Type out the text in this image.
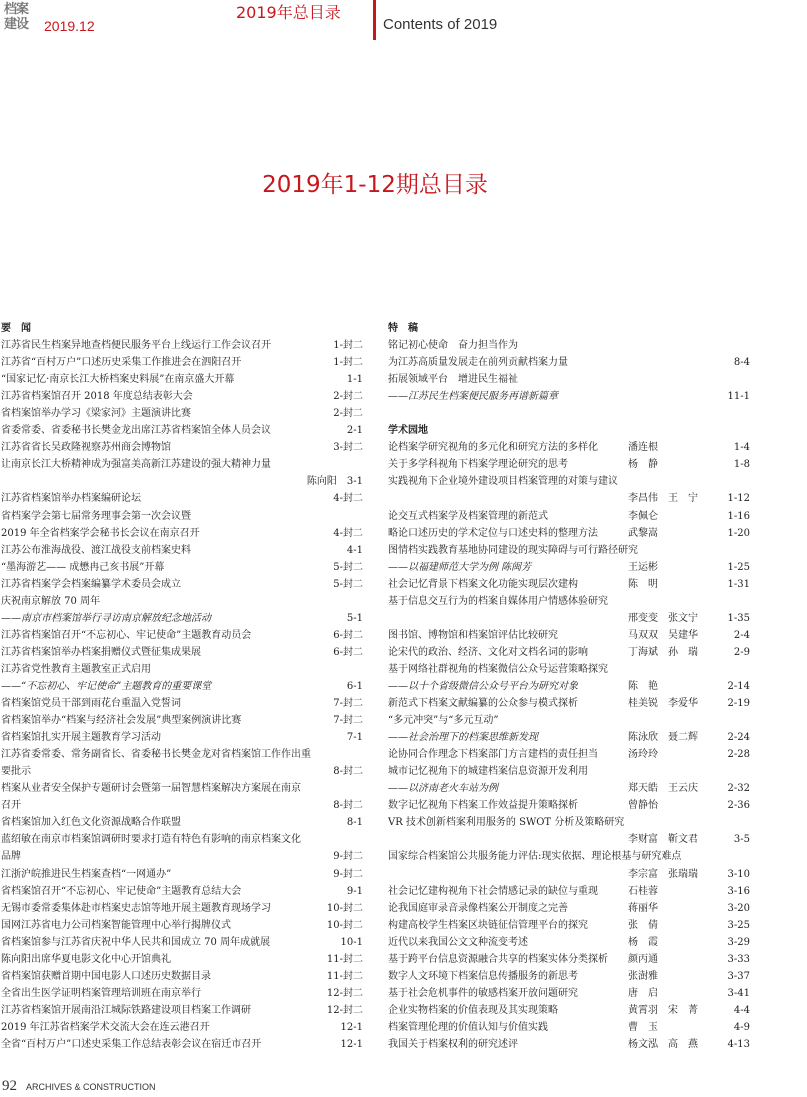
档案建设	2019.12
2019年总目录
Contents of 2019
2019年1-12期总目录
要　闻
江苏省民生档案异地查档便民服务平台上线运行工作会议召开	1-封二
江苏省“百村万户”口述历史采集工作推进会在泗阳召开	1-封二
“国家记忆·南京长江大桥档案史料展”在南京盛大开幕	1-1
江苏省档案馆召开 2018 年度总结表彰大会	2-封二
省档案馆举办学习《梁家河》主题演讲比赛	2-封二
省委常委、省委秘书长樊金龙出席江苏省档案馆全体人员会议	2-1
江苏省省长吴政隆视察苏州商会博物馆	3-封二
让南京长江大桥精神成为强富美高新江苏建设的强大精神力量
陈向阳　3-1
江苏省档案馆举办档案编研论坛	4-封二
省档案学会第七届常务理事会第一次会议暨
2019 年全省档案学会秘书长会议在南京召开	4-封二
江苏公布淮海战役、渡江战役支前档案史料	4-1
“墨海游艺—— 成懋冉己亥书展”开幕	5-封二
江苏省档案学会档案编纂学术委员会成立	5-封二
庆祝南京解放 70 周年
——南京市档案馆举行寻访南京解放纪念地活动	5-1
江苏省档案馆召开“不忘初心、牢记使命”主题教育动员会	6-封二
江苏省档案馆举办档案捐赠仪式暨征集成果展	6-封二
江苏省党性教育主题教室正式启用
——“不忘初心、牢记使命”主题教育的重要课堂	6-1
省档案馆党员干部到雨花台重温入党誓词	7-封二
省档案馆举办“档案与经济社会发展”典型案例演讲比赛	7-封二
省档案馆扎实开展主题教育学习活动	7-1
江苏省委常委、常务副省长、省委秘书长樊金龙对省档案馆工作作出重
要批示	8-封二
档案从业者安全保护专题研讨会暨第一届智慧档案解决方案展在南京
召开	8-封二
省档案馆加入红色文化资源战略合作联盟	8-1
蓝绍敏在南京市档案馆调研时要求打造有特色有影响的南京档案文化
品牌	9-封二
江浙沪皖推进民生档案查档“一网通办”	9-封二
省档案馆召开“不忘初心、牢记使命”主题教育总结大会	9-1
无锡市委常委集体赴市档案史志馆等地开展主题教育现场学习	10-封二
国网江苏省电力公司档案智能管理中心举行揭牌仪式	10-封二
省档案馆参与江苏省庆祝中华人民共和国成立 70 周年成就展	10-1
陈向阳出席华夏电影文化中心开馆典礼	11-封二
省档案馆获赠首期中国电影人口述历史数据目录	11-封二
全省出生医学证明档案管理培训班在南京举行	12-封二
江苏省档案馆开展南沿江城际铁路建设项目档案工作调研	12-封二
2019 年江苏省档案学术交流大会在连云港召开	12-1
全省“百村万户”口述史采集工作总结表彰会议在宿迁市召开	12-1
特　稿
铭记初心使命　奋力担当作为
为江苏高质量发展走在前列贡献档案力量	8-4
拓展领域平台　增进民生福祉
——江苏民生档案便民服务再谱新篇章	11-1
学术园地
论档案学研究视角的多元化和研究方法的多样化	潘连根	1-4
关于多学科视角下档案学理论研究的思考	杨　静	1-8
实践视角下企业境外建设项目档案管理的对策与建议
李昌伟　王　宁	1-12
论交互式档案学及档案管理的新范式	李佩仑	1-16
略论口述历史的学术定位与口述史料的整理方法	武黎嵩	1-20
图情档实践教育基地协同建设的现实障碍与可行路径研究
——以福建师范大学为例 陈闽芳	王运彬	1-25
社会记忆背景下档案文化功能实现层次建构	陈　明	1-31
基于信息交互行为的档案自媒体用户情感体验研究
邢变变　张文宁	1-35
图书馆、博物馆和档案馆评估比较研究	马双双　吴建华	2-4
论宋代的政治、经济、文化对文档名词的影响	丁海斌　孙　瑞	2-9
基于网络社群视角的档案微信公众号运营策略探究
——以十个省级微信公众号平台为研究对象	陈　艳	2-14
新范式下档案文献编纂的公众参与模式探析	桂美锐　李爱华	2-19
“多元冲突”与“多元互动”
——社会治理下的档案思维新发现	陈泳欣　聂二辉	2-24
论协同合作理念下档案部门方言建档的责任担当	汤玲玲	2-28
城市记忆视角下的城建档案信息资源开发利用
——以济南老火车站为例	郑天皓　王云庆	2-32
数字记忆视角下档案工作效益提升策略探析	曾静怡	2-36
VR 技术创新档案利用服务的 SWOT 分析及策略研究
李财富　靳文君	3-5
国家综合档案馆公共服务能力评估:现实依据、理论根基与研究难点
李宗富　张瑞瑞	3-10
社会记忆建构视角下社会情感记录的缺位与重现	石桂蓉	3-16
论我国庭审录音录像档案公开制度之完善	蒋丽华	3-20
构建高校学生档案区块链征信管理平台的探究	张　倩	3-25
近代以来我国公文文种流变考述	杨　霞	3-29
基于跨平台信息资源融合共享的档案实体分类探析	颜丙通	3-33
数字人文环境下档案信息传播服务的新思考	张澍雅	3-37
基于社会危机事件的敏感档案开放问题研究	唐　启	3-41
企业实物档案的价值表现及其实现策略	黄霄羽　宋　菁	4-4
档案管理伦理的价值认知与价值实践	曹　玉	4-9
我国关于档案权利的研究述评	杨文泓　高　燕	4-13
92 ARCHIVES & CONSTRUCTION
